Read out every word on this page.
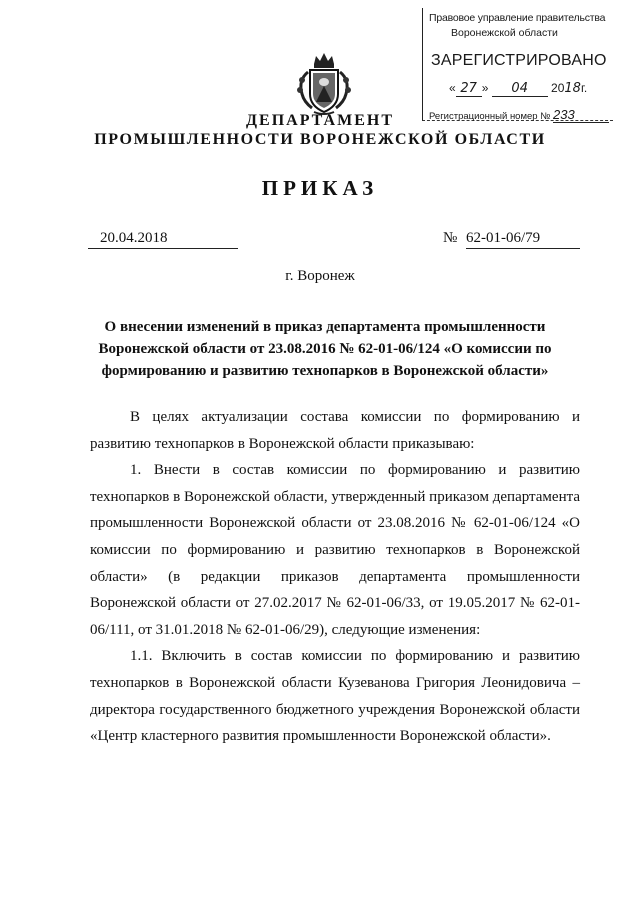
Правовое управление правительства
Воронежской области
ЗАРЕГИСТРИРОВАНО
« 27 » 04 2018г.
Регистрационный номер № 233
ДЕПАРТАМЕНТ
ПРОМЫШЛЕННОСТИ ВОРОНЕЖСКОЙ ОБЛАСТИ
ПРИКАЗ
20.04.2018	№ 62-01-06/79
г. Воронеж
О внесении изменений в приказ департамента промышленности Воронежской области от 23.08.2016 № 62-01-06/124 «О комиссии по формированию и развитию технопарков в Воронежской области»

В целях актуализации состава комиссии по формированию и развитию технопарков в Воронежской области приказываю:

1. Внести в состав комиссии по формированию и развитию технопарков в Воронежской области, утвержденный приказом департамента промышленности Воронежской области от 23.08.2016 № 62-01-06/124 «О комиссии по формированию и развитию технопарков в Воронежской области» (в редакции приказов департамента промышленности Воронежской области от 27.02.2017 № 62-01-06/33, от 19.05.2017 № 62-01-06/111, от 31.01.2018 № 62-01-06/29), следующие изменения:

1.1. Включить в состав комиссии по формированию и развитию технопарков в Воронежской области Кузеванова Григория Леонидовича – директора государственного бюджетного учреждения Воронежской области «Центр кластерного развития промышленности Воронежской области».
